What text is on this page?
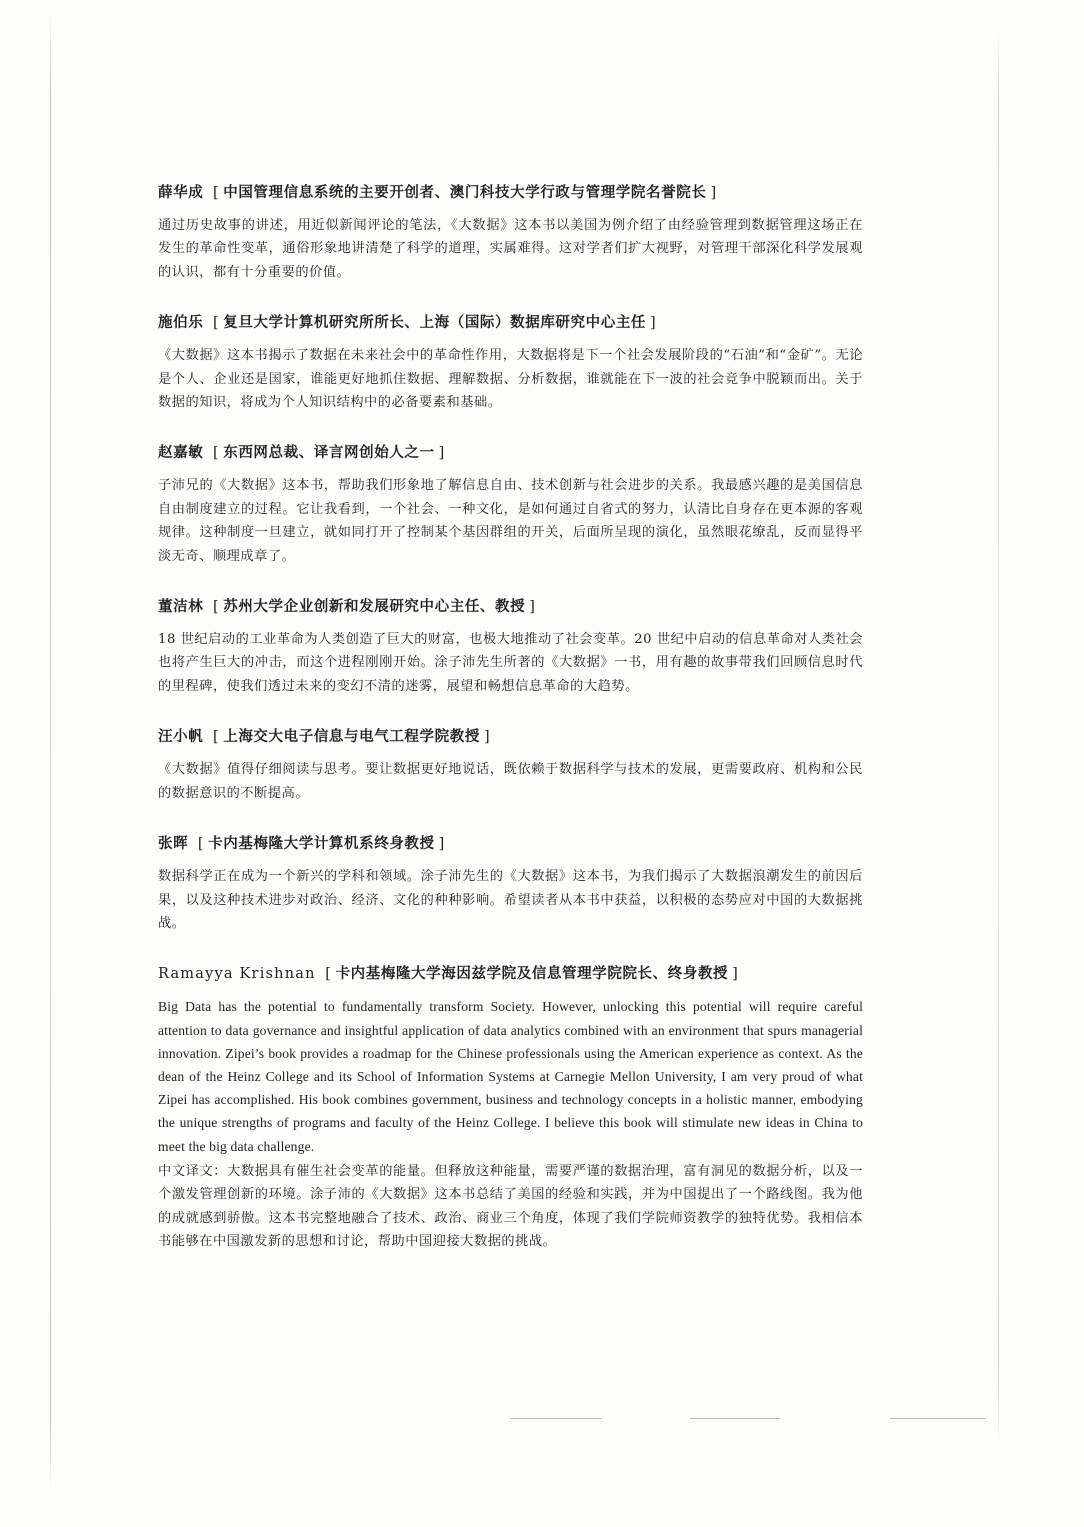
薛华成 [ 中国管理信息系统的主要开创者、澳门科技大学行政与管理学院名誉院长 ]

通过历史故事的讲述，用近似新闻评论的笔法，《大数据》这本书以美国为例介绍了由经验管理到数据管理这场正在发生的革命性变革，通俗形象地讲清楚了科学的道理，实属难得。这对学者们扩大视野，对管理干部深化科学发展观的认识，都有十分重要的价值。

施伯乐 [ 复旦大学计算机研究所所长、上海（国际）数据库研究中心主任 ]

《大数据》这本书揭示了数据在未来社会中的革命性作用，大数据将是下一个社会发展阶段的“石油”和“金矿”。无论是个人、企业还是国家，谁能更好地抓住数据、理解数据、分析数据，谁就能在下一波的社会竞争中脱颖而出。关于数据的知识，将成为个人知识结构中的必备要素和基础。

赵嘉敏 [ 东西网总裁、译言网创始人之一 ]

子沛兄的《大数据》这本书，帮助我们形象地了解信息自由、技术创新与社会进步的关系。我最感兴趣的是美国信息自由制度建立的过程。它让我看到，一个社会、一种文化，是如何通过自省式的努力，认清比自身存在更本源的客观规律。这种制度一旦建立，就如同打开了控制某个基因群组的开关，后面所呈现的演化，虽然眼花缭乱，反而显得平淡无奇、顺理成章了。

董洁林 [ 苏州大学企业创新和发展研究中心主任、教授 ]

18 世纪启动的工业革命为人类创造了巨大的财富，也极大地推动了社会变革。20 世纪中启动的信息革命对人类社会也将产生巨大的冲击，而这个进程刚刚开始。涂子沛先生所著的《大数据》一书，用有趣的故事带我们回顾信息时代的里程碑，使我们透过未来的变幻不清的迷雾，展望和畅想信息革命的大趋势。

汪小帆 [ 上海交大电子信息与电气工程学院教授 ]

《大数据》值得仔细阅读与思考。要让数据更好地说话，既依赖于数据科学与技术的发展，更需要政府、机构和公民的数据意识的不断提高。

张晖 [ 卡内基梅隆大学计算机系终身教授 ]

数据科学正在成为一个新兴的学科和领域。涂子沛先生的《大数据》这本书，为我们揭示了大数据浪潮发生的前因后果，以及这种技术进步对政治、经济、文化的种种影响。希望读者从本书中获益，以积极的态势应对中国的大数据挑战。

Ramayya Krishnan [ 卡内基梅隆大学海因兹学院及信息管理学院院长、终身教授 ]

Big Data has the potential to fundamentally transform Society. However, unlocking this potential will require careful attention to data governance and insightful application of data analytics combined with an environment that spurs managerial innovation. Zipei’s book provides a roadmap for the Chinese professionals using the American experience as context. As the dean of the Heinz College and its School of Information Systems at Carnegie Mellon University, I am very proud of what Zipei has accomplished. His book combines government, business and technology concepts in a holistic manner, embodying the unique strengths of programs and faculty of the Heinz College. I believe this book will stimulate new ideas in China to meet the big data challenge.

中文译文：大数据具有催生社会变革的能量。但释放这种能量，需要严谨的数据治理，富有洞见的数据分析，以及一个激发管理创新的环境。涂子沛的《大数据》这本书总结了美国的经验和实践，并为中国提出了一个路线图。我为他的成就感到骄傲。这本书完整地融合了技术、政治、商业三个角度，体现了我们学院师资教学的独特优势。我相信本书能够在中国激发新的思想和讨论，帮助中国迎接大数据的挑战。
